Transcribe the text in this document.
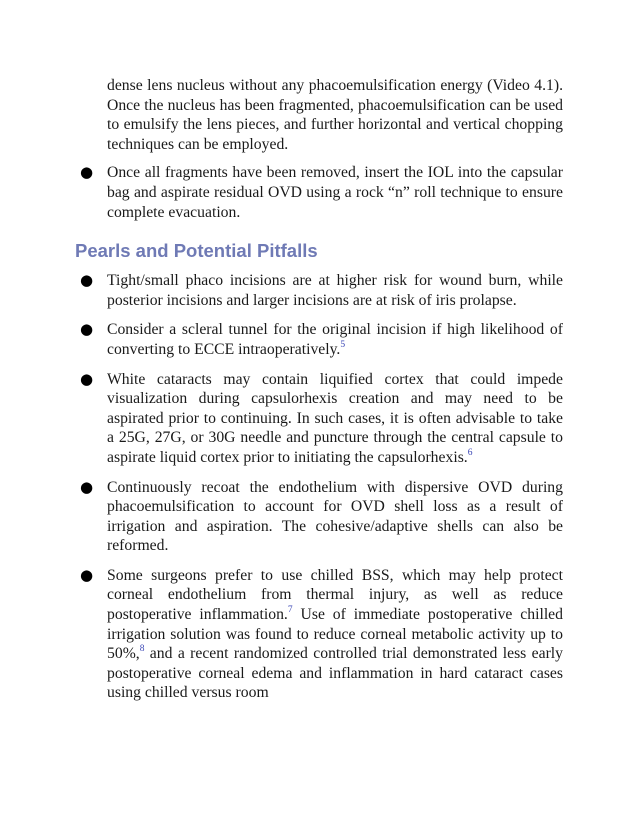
dense lens nucleus without any phacoemulsification energy (Video 4.1). Once the nucleus has been fragmented, phacoemulsification can be used to emulsify the lens pieces, and further horizontal and vertical chopping techniques can be employed.

● Once all fragments have been removed, insert the IOL into the capsular bag and aspirate residual OVD using a rock “n” roll technique to ensure complete evacuation.
Pearls and Potential Pitfalls
● Tight/small phaco incisions are at higher risk for wound burn, while posterior incisions and larger incisions are at risk of iris prolapse.
● Consider a scleral tunnel for the original incision if high likelihood of converting to ECCE intraoperatively.$^5$
● White cataracts may contain liquified cortex that could impede visualization during capsulorhexis creation and may need to be aspirated prior to continuing. In such cases, it is often advisable to take a 25G, 27G, or 30G needle and puncture through the central capsule to aspirate liquid cortex prior to initiating the capsulorhexis.$^6$
● Continuously recoat the endothelium with dispersive OVD during phacoemulsification to account for OVD shell loss as a result of irrigation and aspiration. The cohesive/adaptive shells can also be reformed.
● Some surgeons prefer to use chilled BSS, which may help protect corneal endothelium from thermal injury, as well as reduce postoperative inflammation.$^7$ Use of immediate postoperative chilled irrigation solution was found to reduce corneal metabolic activity up to 50%,$^8$ and a recent randomized controlled trial demonstrated less early postoperative corneal edema and inflammation in hard cataract cases using chilled versus room
